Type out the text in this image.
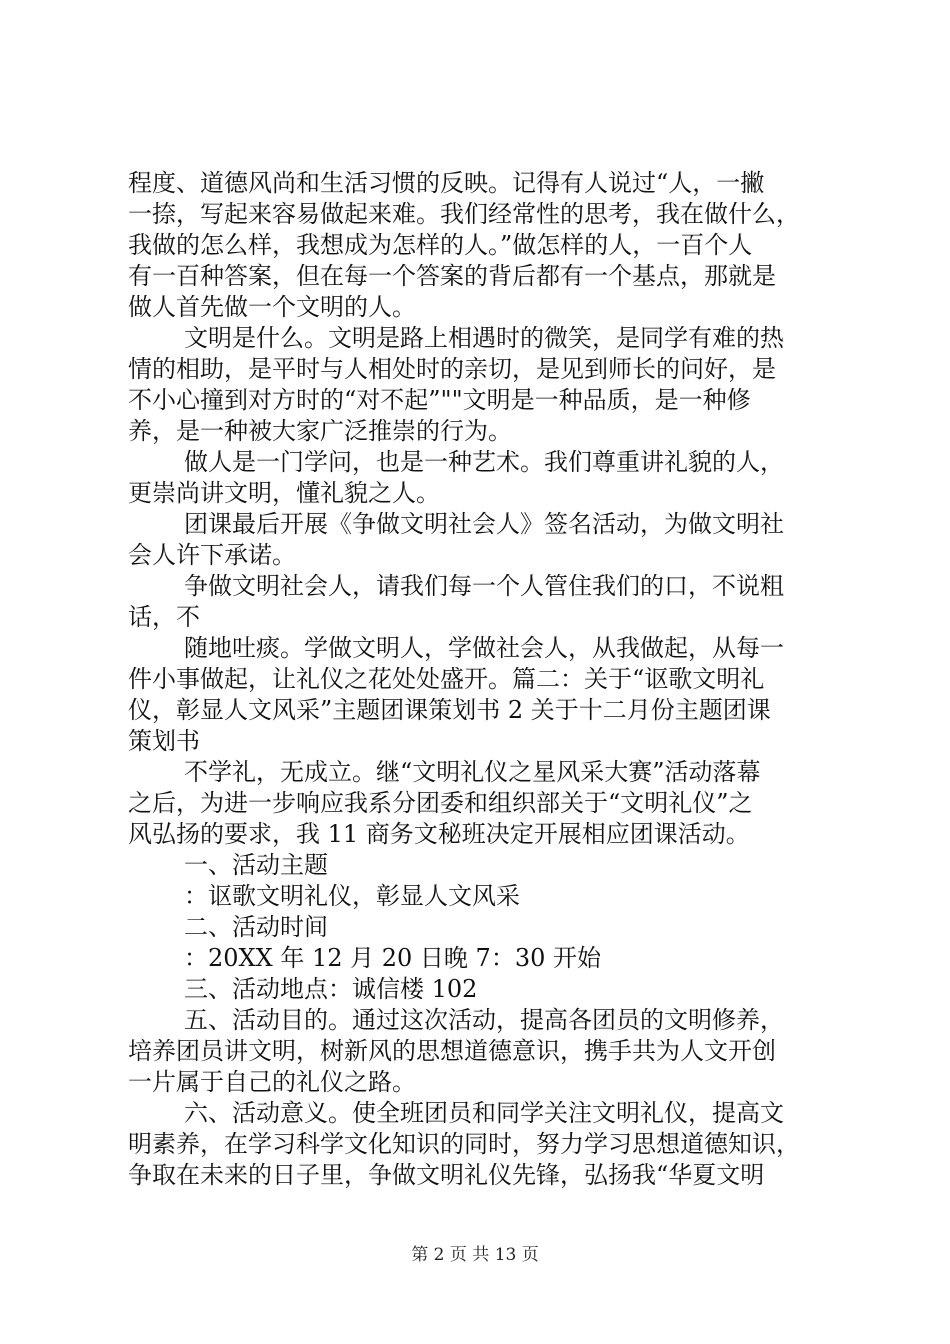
程度、道德风尚和生活习惯的反映。记得有人说过“人，一撇
一捺，写起来容易做起来难。我们经常性的思考，我在做什么，
我做的怎么样，我想成为怎样的人。”做怎样的人，一百个人
有一百种答案，但在每一个答案的背后都有一个基点，那就是
做人首先做一个文明的人。
文明是什么。文明是路上相遇时的微笑，是同学有难的热
情的相助，是平时与人相处时的亲切，是见到师长的问好，是
不小心撞到对方时的“对不起”""文明是一种品质，是一种修
养，是一种被大家广泛推崇的行为。
做人是一门学问，也是一种艺术。我们尊重讲礼貌的人，
更崇尚讲文明，懂礼貌之人。
团课最后开展《争做文明社会人》签名活动，为做文明社
会人许下承诺。
争做文明社会人，请我们每一个人管住我们的口，不说粗
话，不
随地吐痰。学做文明人，学做社会人，从我做起，从每一
件小事做起，让礼仪之花处处盛开。篇二：关于“讴歌文明礼
仪，彰显人文风采”主题团课策划书 2 关于十二月份主题团课
策划书
不学礼，无成立。继“文明礼仪之星风采大赛”活动落幕
之后，为进一步响应我系分团委和组织部关于“文明礼仪”之
风弘扬的要求，我 11 商务文秘班决定开展相应团课活动。
一、活动主题
：讴歌文明礼仪，彰显人文风采
二、活动时间
：20XX 年 12 月 20 日晚 7：30 开始
三、活动地点：诚信楼 102
五、活动目的。通过这次活动，提高各团员的文明修养，
培养团员讲文明，树新风的思想道德意识，携手共为人文开创
一片属于自己的礼仪之路。
六、活动意义。使全班团员和同学关注文明礼仪，提高文
明素养，在学习科学文化知识的同时，努力学习思想道德知识，
争取在未来的日子里，争做文明礼仪先锋，弘扬我“华夏文明
第 2 页 共 13 页
